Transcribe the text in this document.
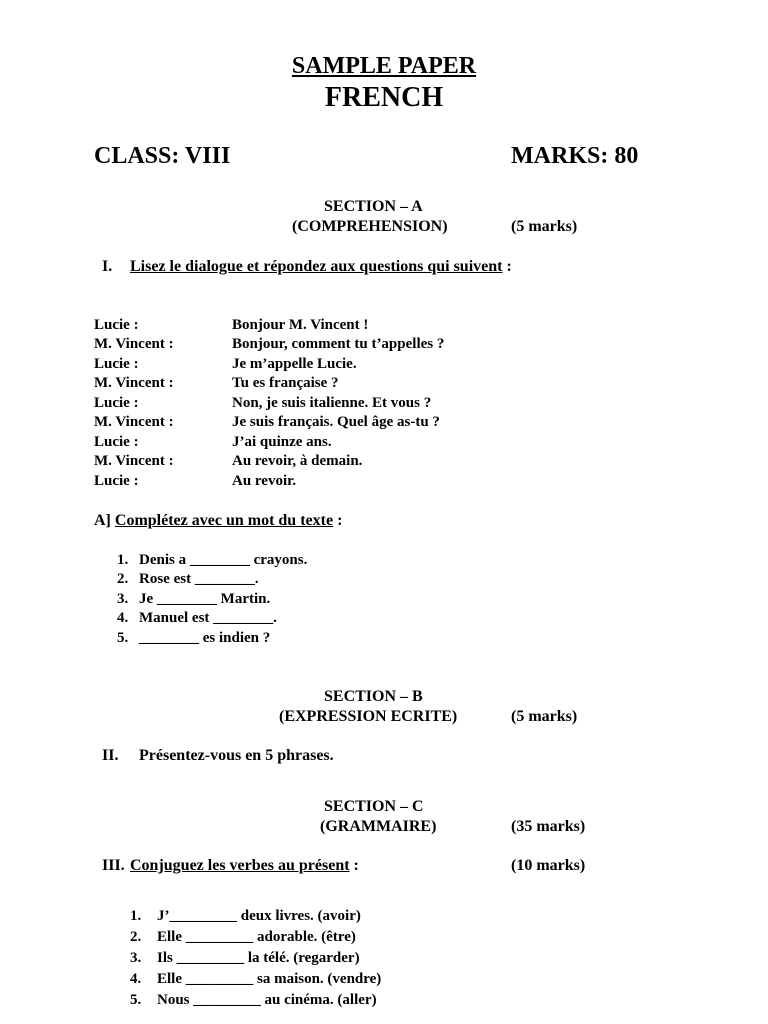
SAMPLE PAPER
FRENCH
CLASS: VIII	MARKS: 80
SECTION – A
(COMPREHENSION)	(5 marks)
I. Lisez le dialogue et répondez aux questions qui suivent :
Lucie :	Bonjour M. Vincent !
M. Vincent :	Bonjour, comment tu t’appelles ?
Lucie :	Je m’appelle Lucie.
M. Vincent :	Tu es française ?
Lucie :	Non, je suis italienne. Et vous ?
M. Vincent :	Je suis français. Quel âge as-tu ?
Lucie :	J’ai quinze ans.
M. Vincent :	Au revoir, à demain.
Lucie :	Au revoir.
A] Complétez avec un mot du texte :
1. Denis a ________ crayons.
2. Rose est ________.
3. Je ________ Martin.
4. Manuel est ________.
5. ________ es indien ?
SECTION – B
(EXPRESSION ECRITE)	(5 marks)
II. Présentez-vous en 5 phrases.
SECTION – C
(GRAMMAIRE)	(35 marks)
III. Conjuguez les verbes au présent :	(10 marks)
1. J’_________ deux livres. (avoir)
2. Elle _________ adorable. (être)
3. Ils _________ la télé. (regarder)
4. Elle _________ sa maison. (vendre)
5. Nous _________ au cinéma. (aller)
